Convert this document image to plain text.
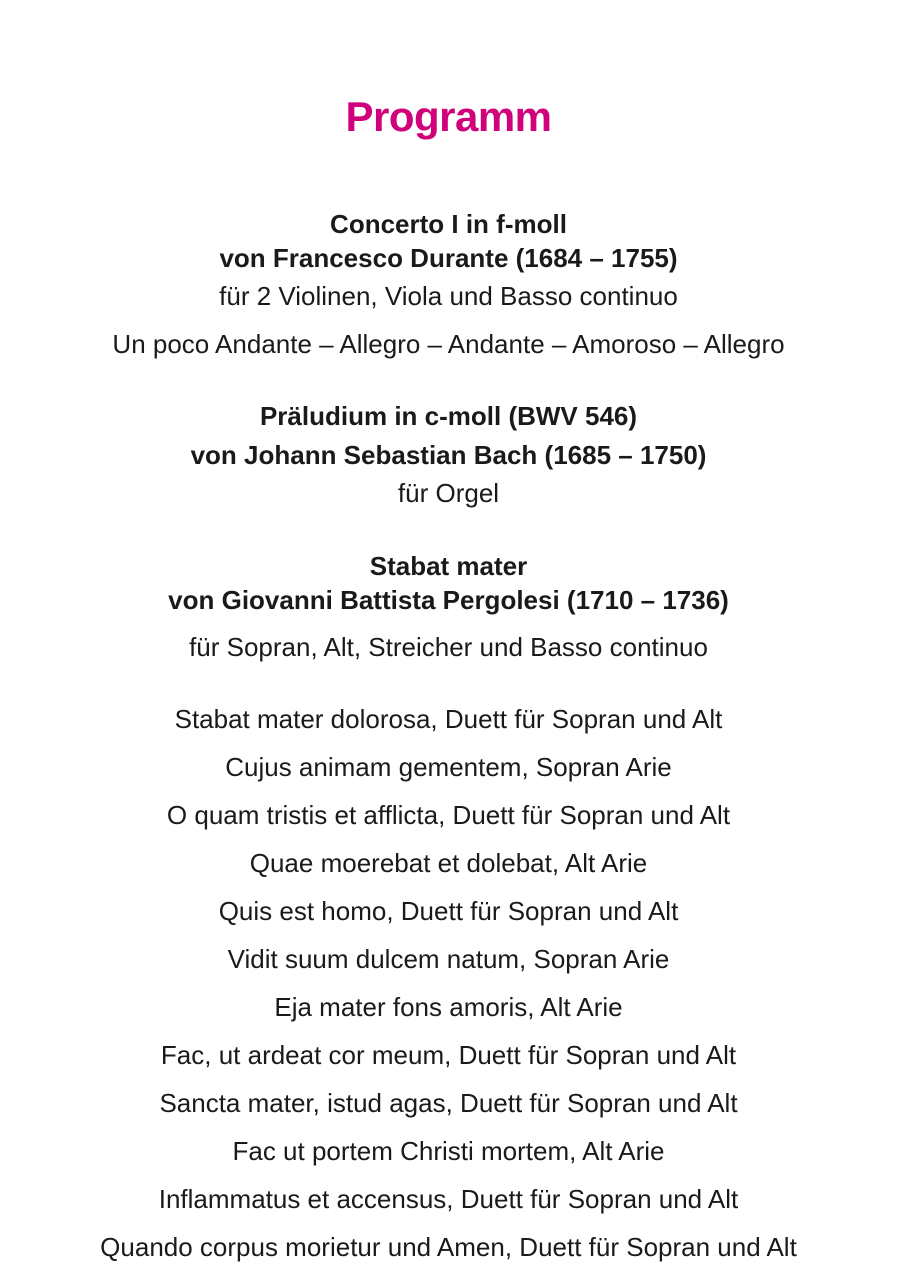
Programm
Concerto I in f-moll
von Francesco Durante (1684 – 1755)
für 2 Violinen, Viola und Basso continuo
Un poco Andante – Allegro – Andante – Amoroso – Allegro
Präludium in c-moll (BWV 546)
von Johann Sebastian Bach (1685 – 1750)
für Orgel
Stabat mater
von Giovanni Battista Pergolesi (1710 – 1736)
für Sopran, Alt, Streicher und Basso continuo
Stabat mater dolorosa, Duett für Sopran und Alt
Cujus animam gementem, Sopran Arie
O quam tristis et afflicta, Duett für Sopran und Alt
Quae moerebat et dolebat, Alt Arie
Quis est homo, Duett für Sopran und Alt
Vidit suum dulcem natum, Sopran Arie
Eja mater fons amoris, Alt Arie
Fac, ut ardeat cor meum, Duett für Sopran und Alt
Sancta mater, istud agas, Duett für Sopran und Alt
Fac ut portem Christi mortem, Alt Arie
Inflammatus et accensus, Duett für Sopran und Alt
Quando corpus morietur und Amen, Duett für Sopran und Alt
